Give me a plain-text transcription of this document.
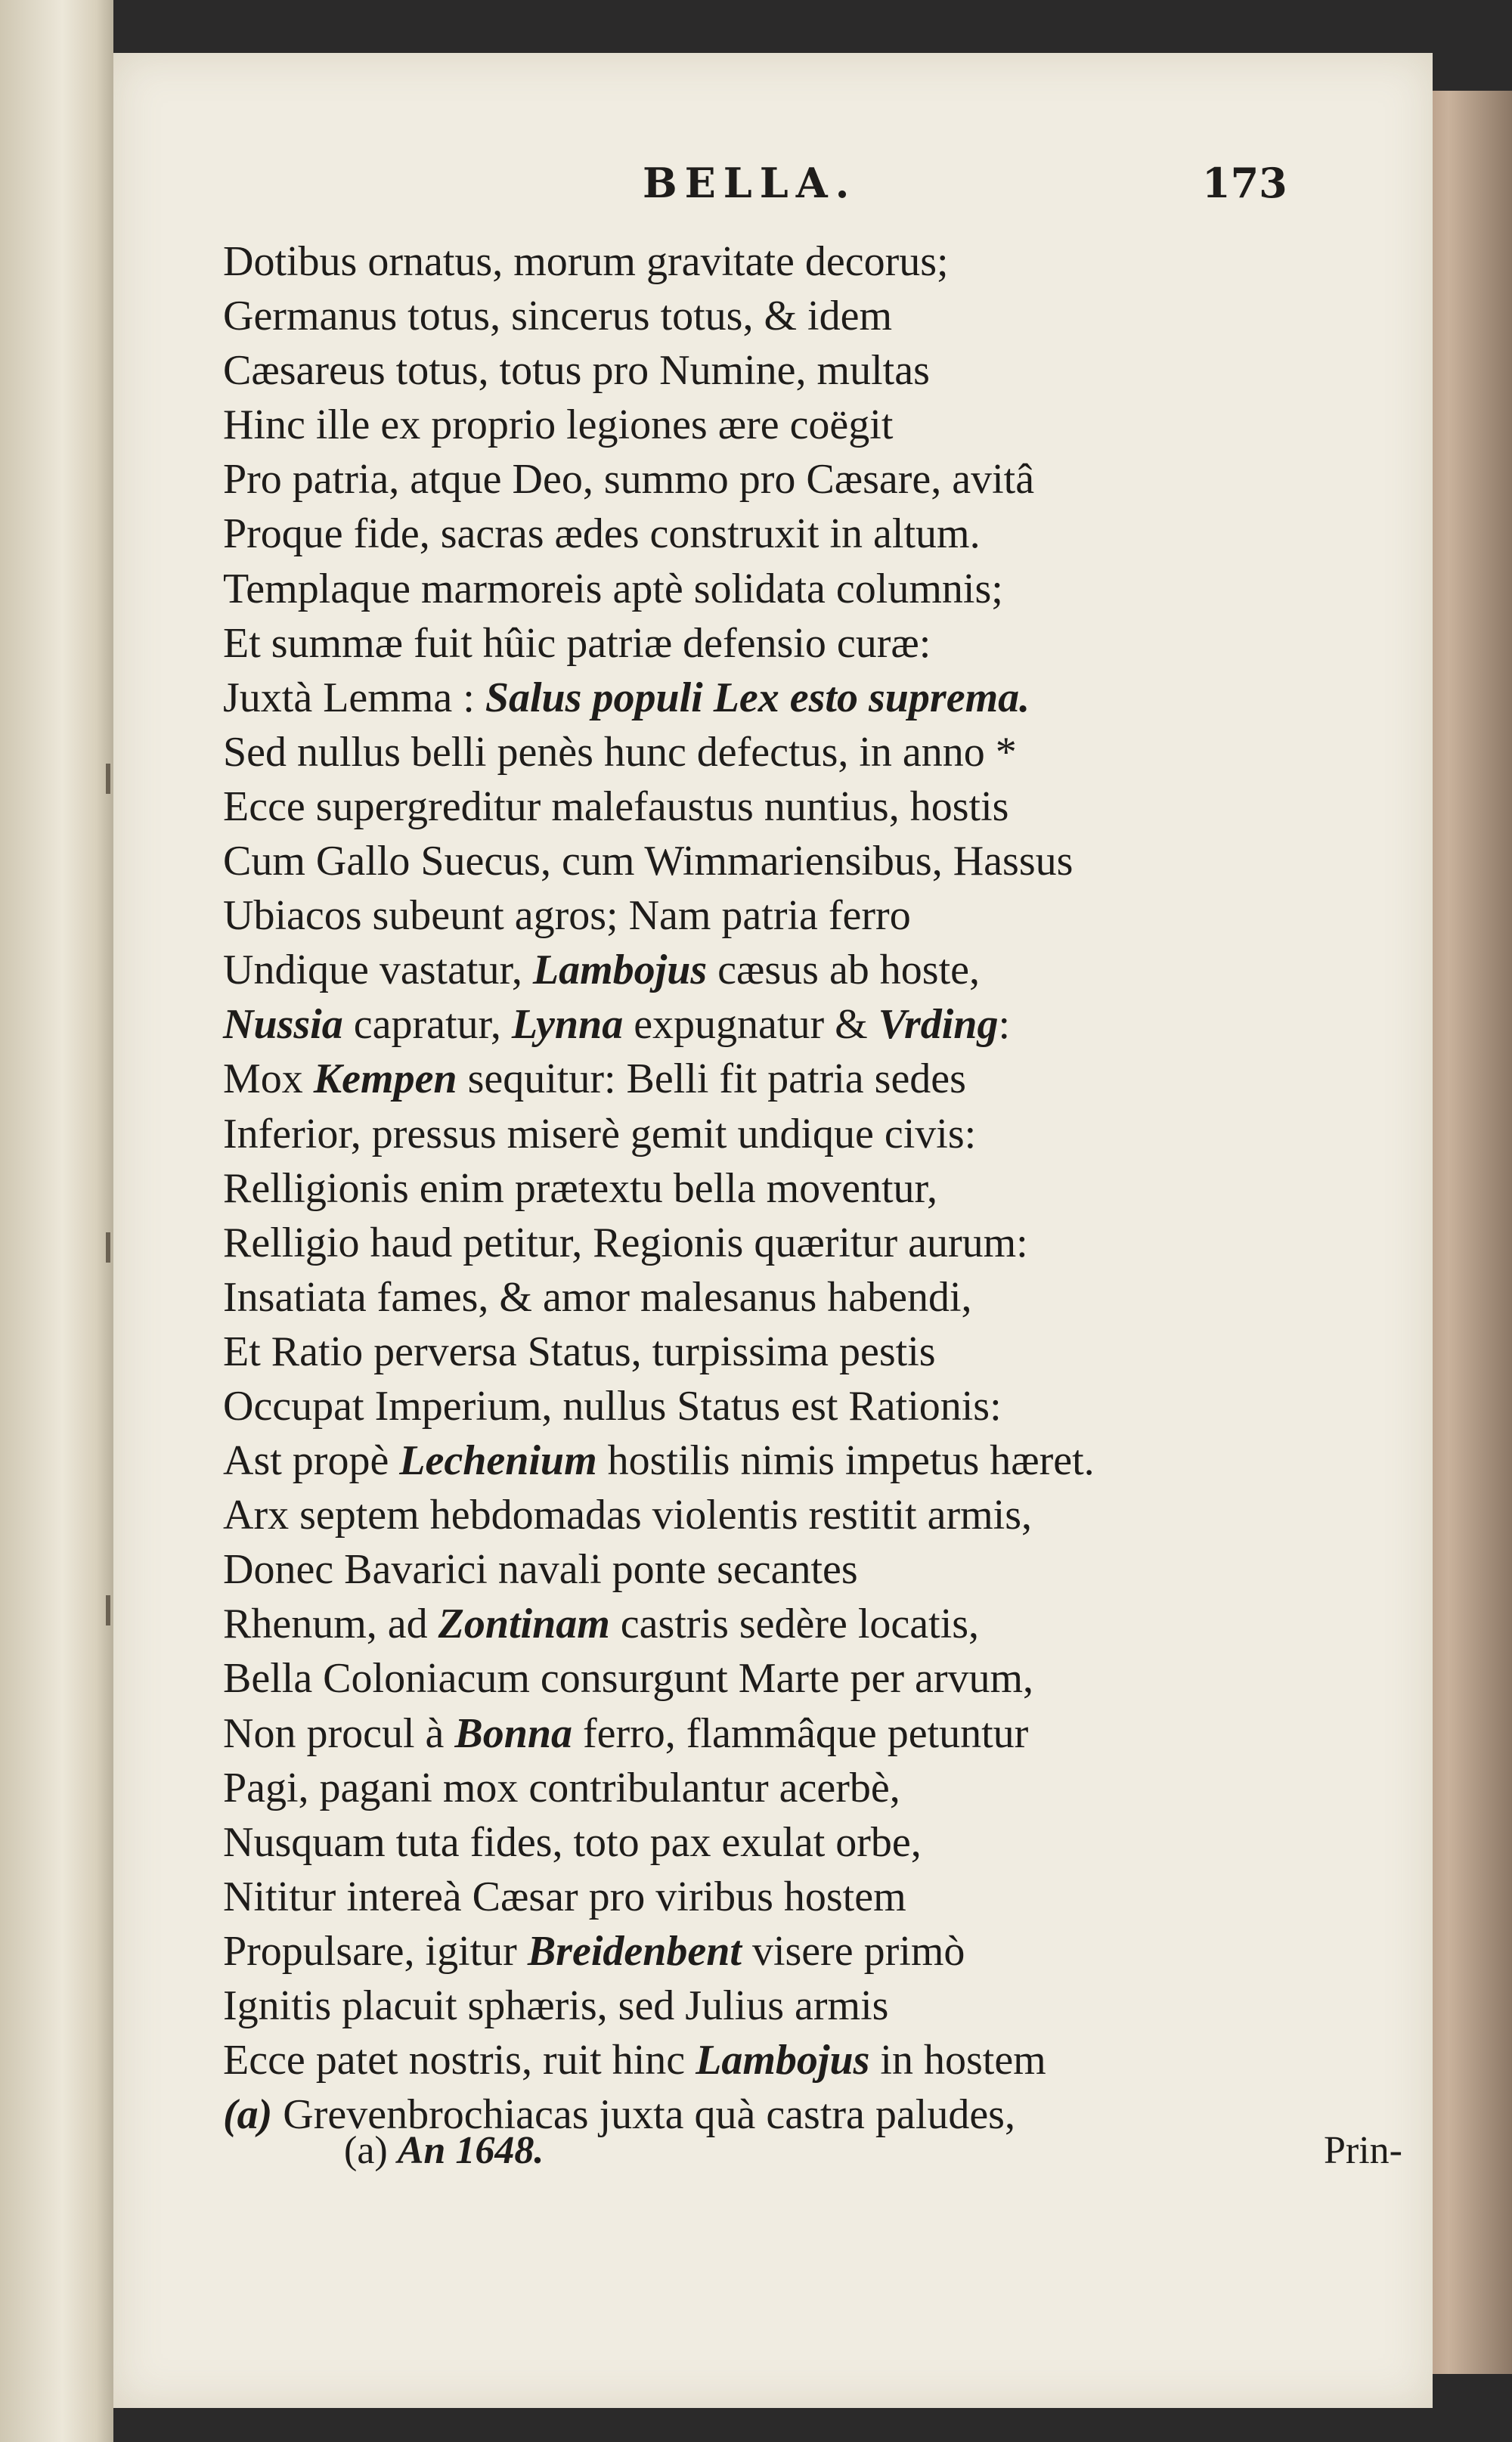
BELLA.	173
Dotibus ornatus, morum gravitate decorus;
Germanus totus, sincerus totus, & idem
Cæsareus totus, totus pro Numine, multas
Hinc ille ex proprio legiones ære coëgit
Pro patria, atque Deo, summo pro Cæsare, avitâ
Proque fide, sacras ædes construxit in altum.
Templaque marmoreis aptè solidata columnis;
Et summæ fuit hûic patriæ defensio curæ:
Juxtà Lemma : Salus populi Lex esto suprema.
Sed nullus belli penès hunc defectus, in anno *
Ecce supergreditur malefaustus nuntius, hostis
Cum Gallo Suecus, cum Wimmariensibus, Hassus
Ubiacos subeunt agros; Nam patria ferro
Undique vastatur, Lambojus cæsus ab hoste,
Nussia capratur, Lynna expugnatur & Vrding:
Mox Kempen sequitur: Belli fit patria sedes
Inferior, pressus miserè gemit undique civis:
Relligionis enim prætextu bella moventur,
Relligio haud petitur, Regionis quæritur aurum:
Insatiata fames, & amor malesanus habendi,
Et Ratio perversa Status, turpissima pestis
Occupat Imperium, nullus Status est Rationis:
Ast propè Lechenium hostilis nimis impetus hæret.
Arx septem hebdomadas violentis restitit armis,
Donec Bavarici navali ponte secantes
Rhenum, ad Zontinam castris sedère locatis,
Bella Coloniacum consurgunt Marte per arvum,
Non procul à Bonna ferro, flammâque petuntur
Pagi, pagani mox contribulantur acerbè,
Nusquam tuta fides, toto pax exulat orbe,
Nititur intereà Cæsar pro viribus hostem
Propulsare, igitur Breidenbent visere primò
Ignitis placuit sphæris, sed Julius armis
Ecce patet nostris, ruit hinc Lambojus in hostem
(a) Grevenbrochiacas juxta quà castra paludes,
(a) An 1648.	Prin-
